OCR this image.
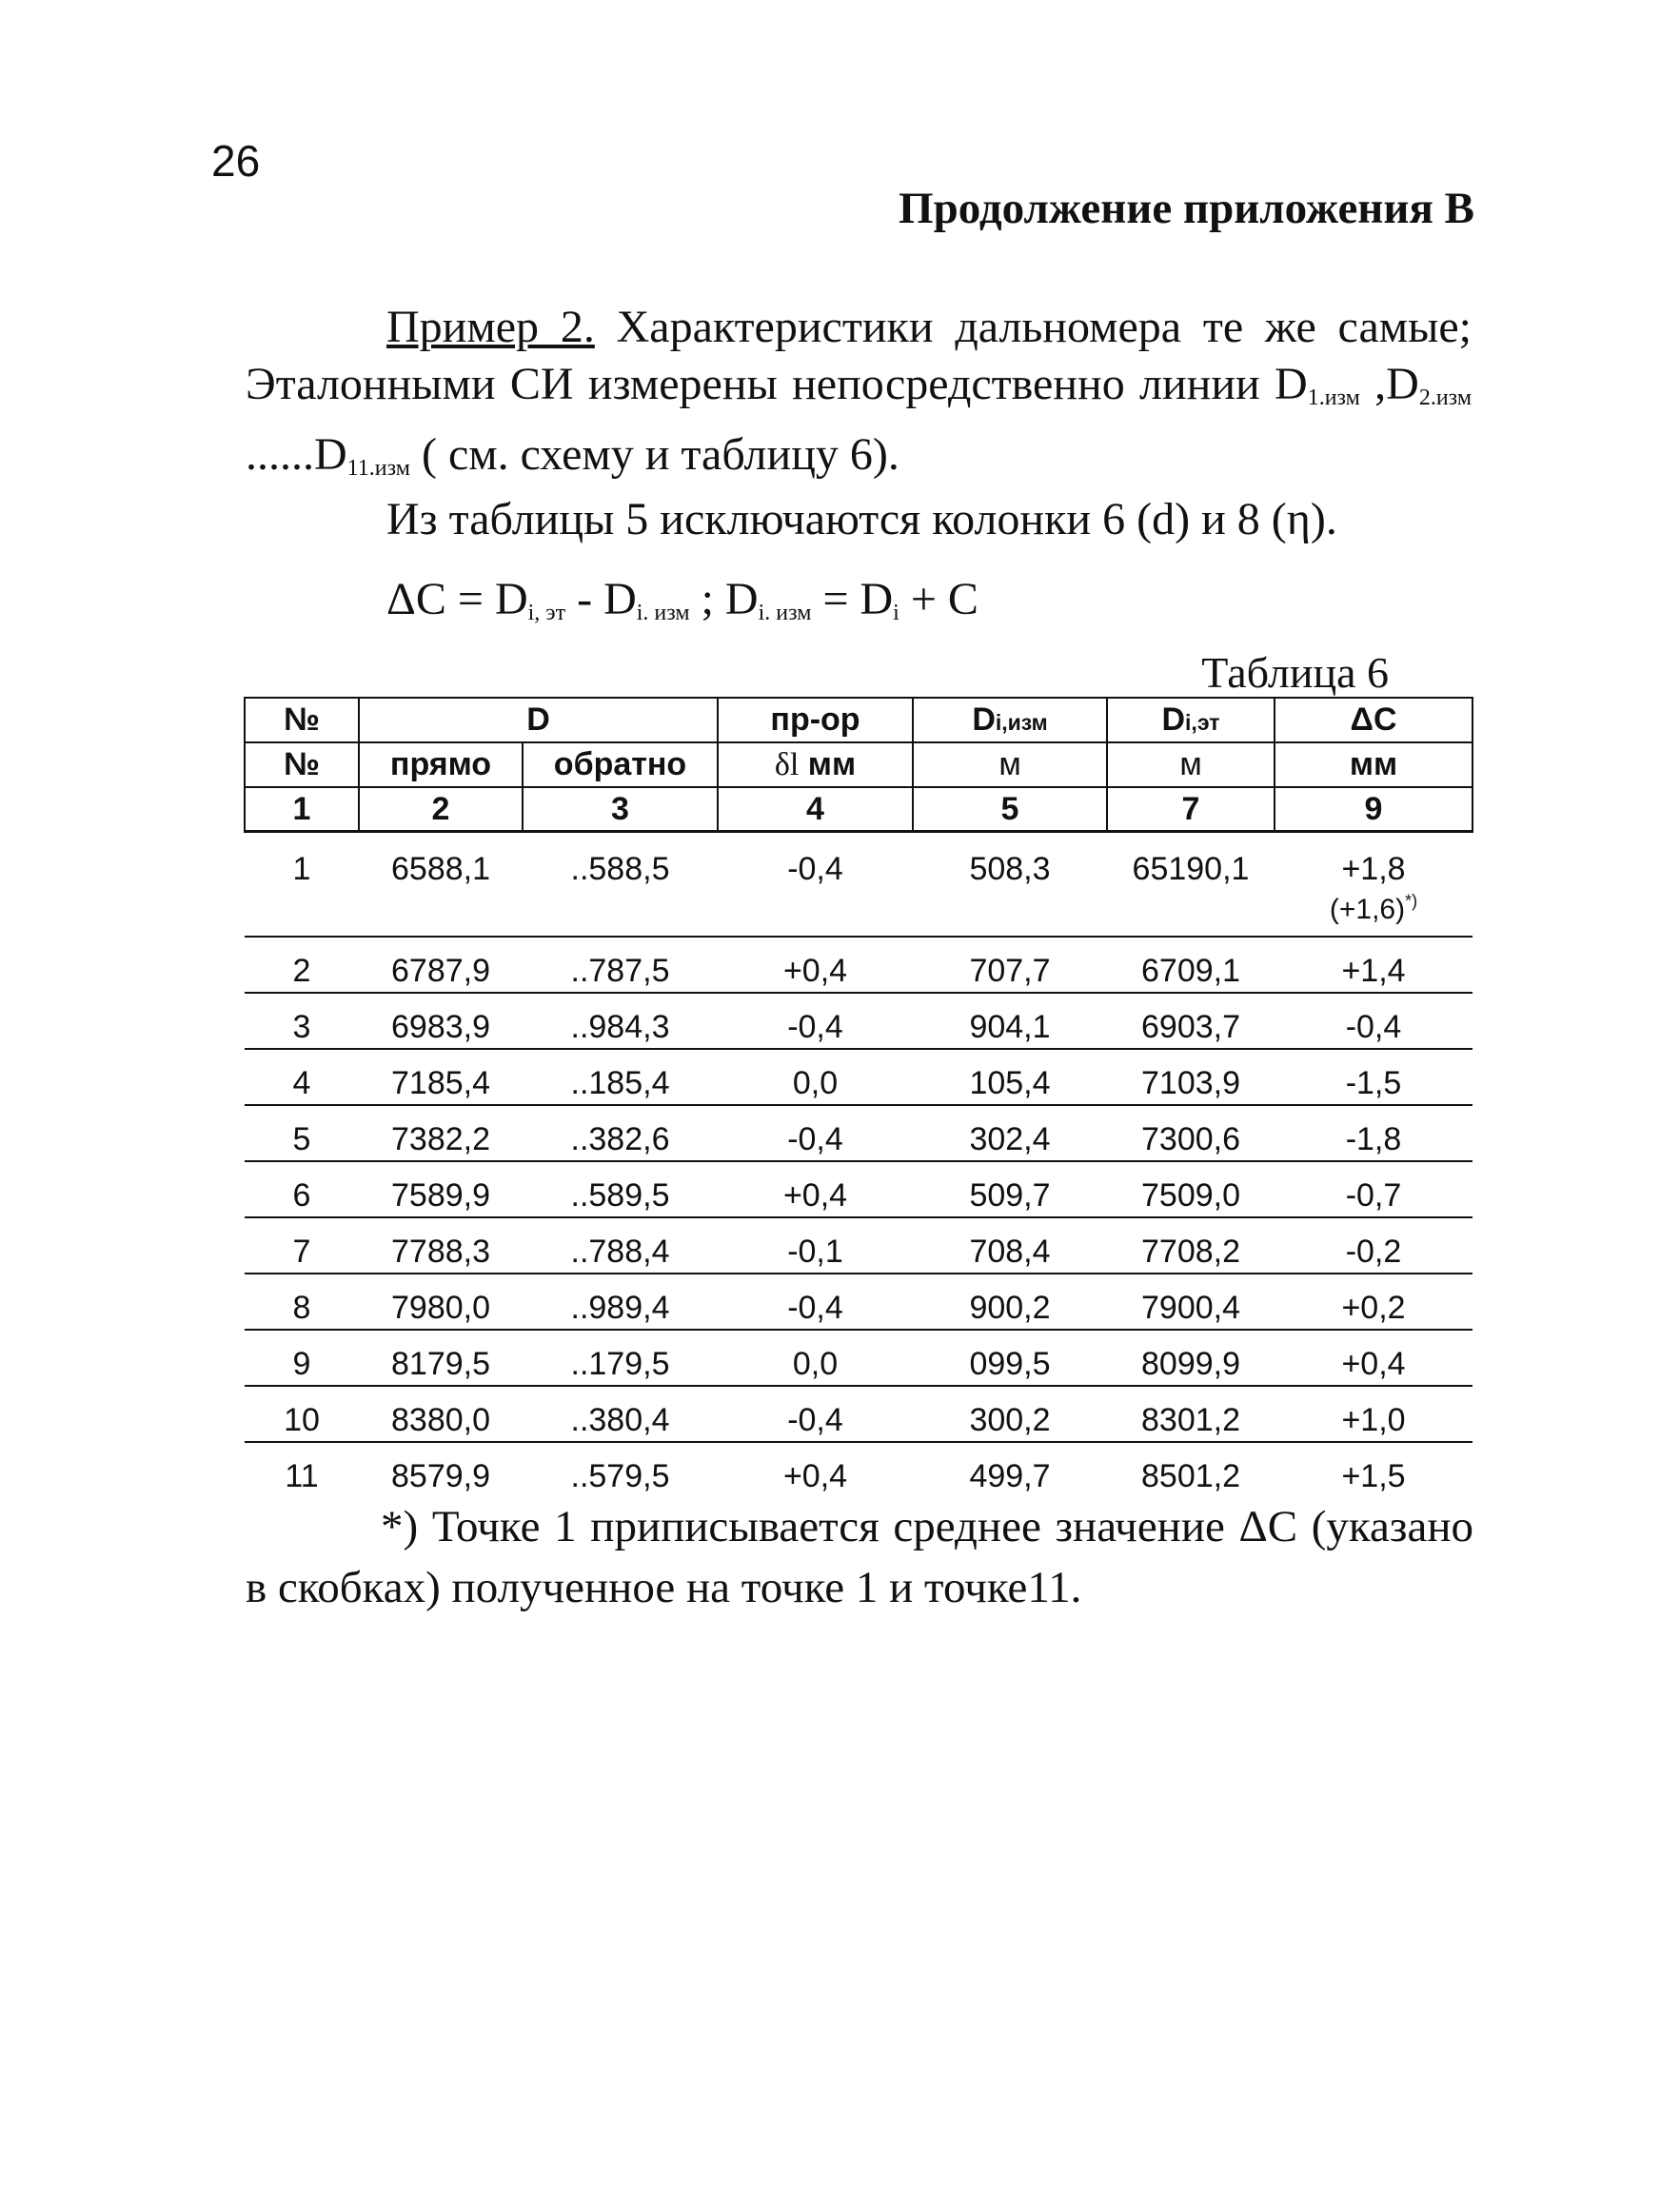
26
Продолжение приложения В
Пример 2. Характеристики дальномера те же самые; Эталонными СИ измерены непосредственно линии $D_{1.изм}$ $,D_{2.изм}$ $......D_{11.изм}$ ( см. схему и таблицу 6).
Из таблицы 5 исключаются колонки 6 (d) и 8 (η).
$\Delta C = D_{i, эт} - D_{i. изм}$ ; $D_{i. изм} = D_i + C$
Таблица 6
№	D		пр-ор	Di,изм	Di,эт	ΔC
№	прямо	обратно	δl мм	м	м	мм
1	2	3	4	5	7	9
1	6588,1	..588,5	-0,4	508,3	65190,1	+1,8
						(+1,6)*)
2	6787,9	..787,5	+0,4	707,7	6709,1	+1,4
3	6983,9	..984,3	-0,4	904,1	6903,7	-0,4
4	7185,4	..185,4	0,0	105,4	7103,9	-1,5
5	7382,2	..382,6	-0,4	302,4	7300,6	-1,8
6	7589,9	..589,5	+0,4	509,7	7509,0	-0,7
7	7788,3	..788,4	-0,1	708,4	7708,2	-0,2
8	7980,0	..989,4	-0,4	900,2	7900,4	+0,2
9	8179,5	..179,5	0,0	099,5	8099,9	+0,4
10	8380,0	..380,4	-0,4	300,2	8301,2	+1,0
11	8579,9	..579,5	+0,4	499,7	8501,2	+1,5
*) Точке 1 приписывается среднее значение ΔC (указано в скобках) полученное на точке 1 и точке11.
